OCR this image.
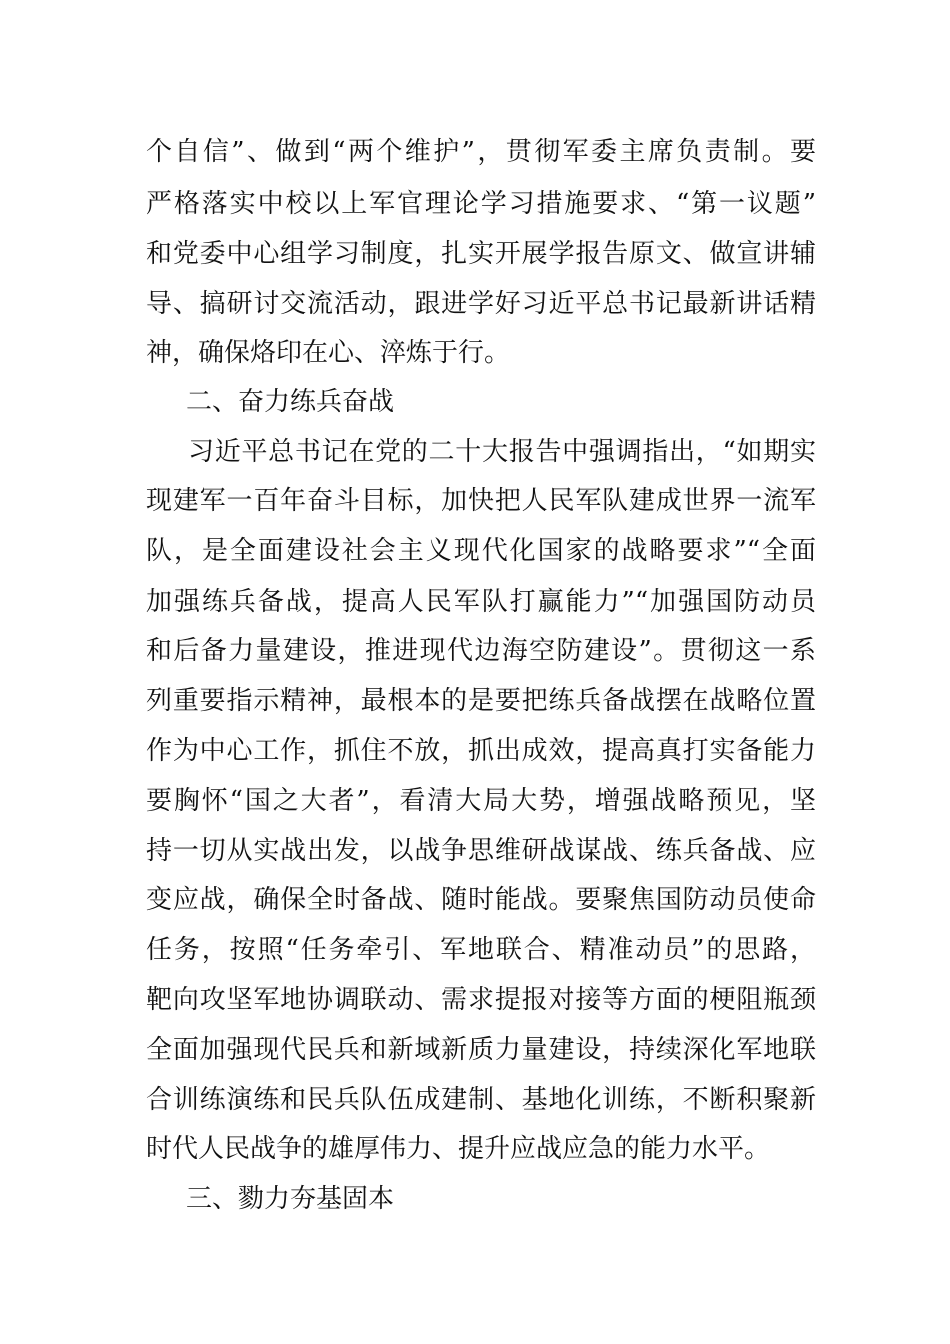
个自信”、做到“两个维护”，贯彻军委主席负责制。要
严格落实中校以上军官理论学习措施要求、“第一议题”
和党委中心组学习制度，扎实开展学报告原文、做宣讲辅
导、搞研讨交流活动，跟进学好习近平总书记最新讲话精
神，确保烙印在心、淬炼于行。
二、奋力练兵奋战
习近平总书记在党的二十大报告中强调指出，“如期实
现建军一百年奋斗目标，加快把人民军队建成世界一流军
队，是全面建设社会主义现代化国家的战略要求”“全面
加强练兵备战，提高人民军队打赢能力”“加强国防动员
和后备力量建设，推进现代边海空防建设”。贯彻这一系
列重要指示精神，最根本的是要把练兵备战摆在战略位置
作为中心工作，抓住不放，抓出成效，提高真打实备能力
要胸怀“国之大者”，看清大局大势，增强战略预见，坚
持一切从实战出发，以战争思维研战谋战、练兵备战、应
变应战，确保全时备战、随时能战。要聚焦国防动员使命
任务，按照“任务牵引、军地联合、精准动员”的思路，
靶向攻坚军地协调联动、需求提报对接等方面的梗阻瓶颈
全面加强现代民兵和新域新质力量建设，持续深化军地联
合训练演练和民兵队伍成建制、基地化训练，不断积聚新
时代人民战争的雄厚伟力、提升应战应急的能力水平。
三、勠力夯基固本
